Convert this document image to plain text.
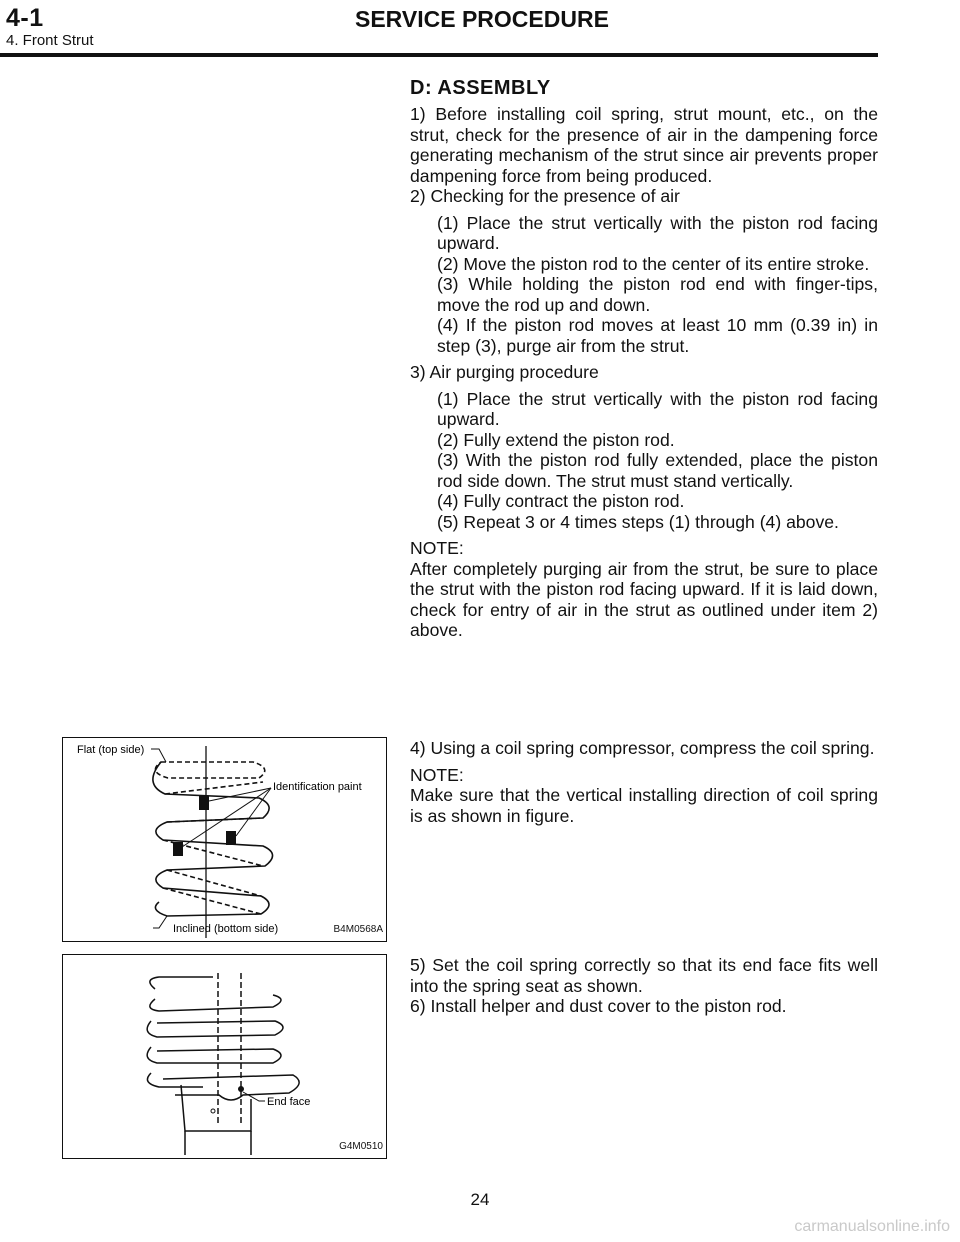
4-1	SERVICE PROCEDURE
4. Front Strut
D: ASSEMBLY

1) Before installing coil spring, strut mount, etc., on the strut, check for the presence of air in the dampening force generating mechanism of the strut since air prevents proper dampening force from being produced.

2) Checking for the presence of air

(1) Place the strut vertically with the piston rod facing upward.

(2) Move the piston rod to the center of its entire stroke.

(3) While holding the piston rod end with finger-tips, move the rod up and down.

(4) If the piston rod moves at least 10 mm (0.39 in) in step (3), purge air from the strut.

3) Air purging procedure

(1) Place the strut vertically with the piston rod facing upward.

(2) Fully extend the piston rod.

(3) With the piston rod fully extended, place the piston rod side down. The strut must stand vertically.

(4) Fully contract the piston rod.

(5) Repeat 3 or 4 times steps (1) through (4) above.

NOTE:

After completely purging air from the strut, be sure to place the strut with the piston rod facing upward. If it is laid down, check for entry of air in the strut as outlined under item 2) above.

4) Using a coil spring compressor, compress the coil spring.

NOTE:

Make sure that the vertical installing direction of coil spring is as shown in figure.

5) Set the coil spring correctly so that its end face fits well into the spring seat as shown.

6) Install helper and dust cover to the piston rod.

Flat (top side)
Identification paint
Inclined (bottom side)	B4M0568A
End face
G4M0510
24
carmanualsonline.info
